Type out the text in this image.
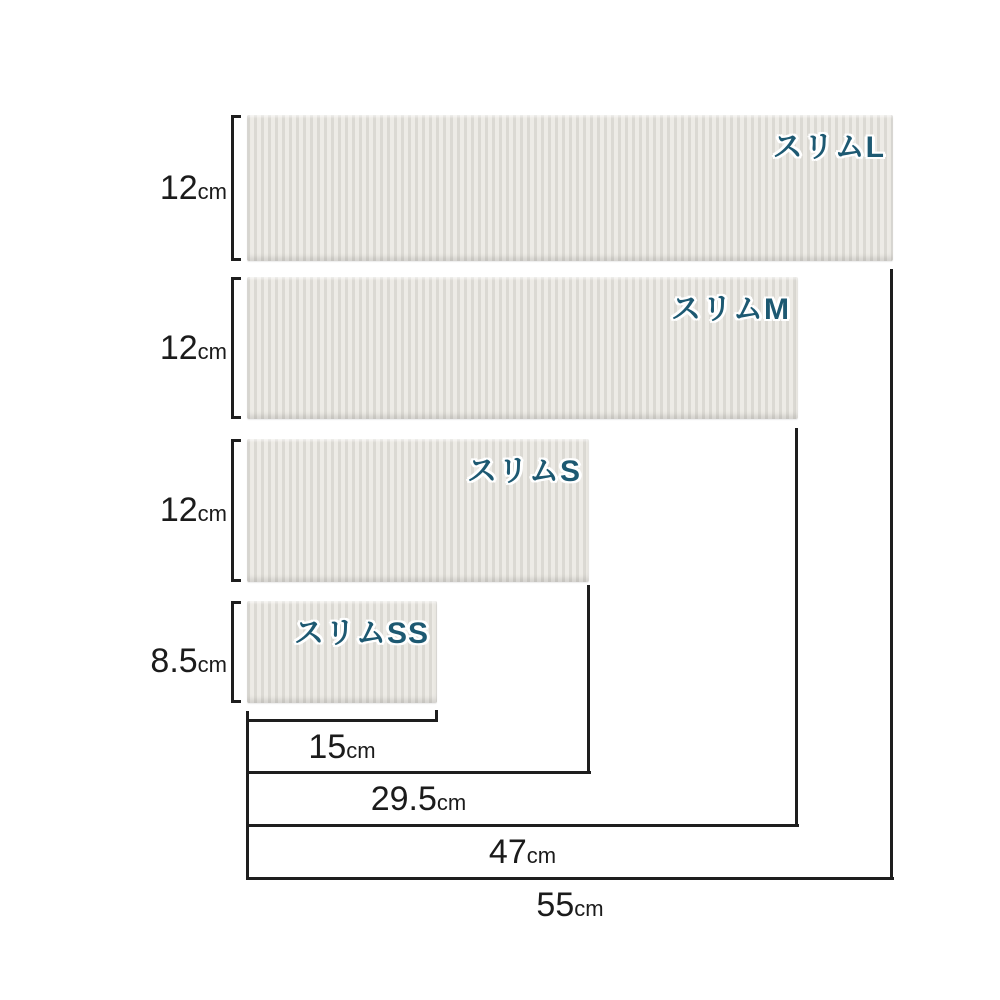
12cm
スリムL
12cm
スリムM
12cm
スリムS
8.5cm
スリムSS
15cm
29.5cm
47cm
55cm
